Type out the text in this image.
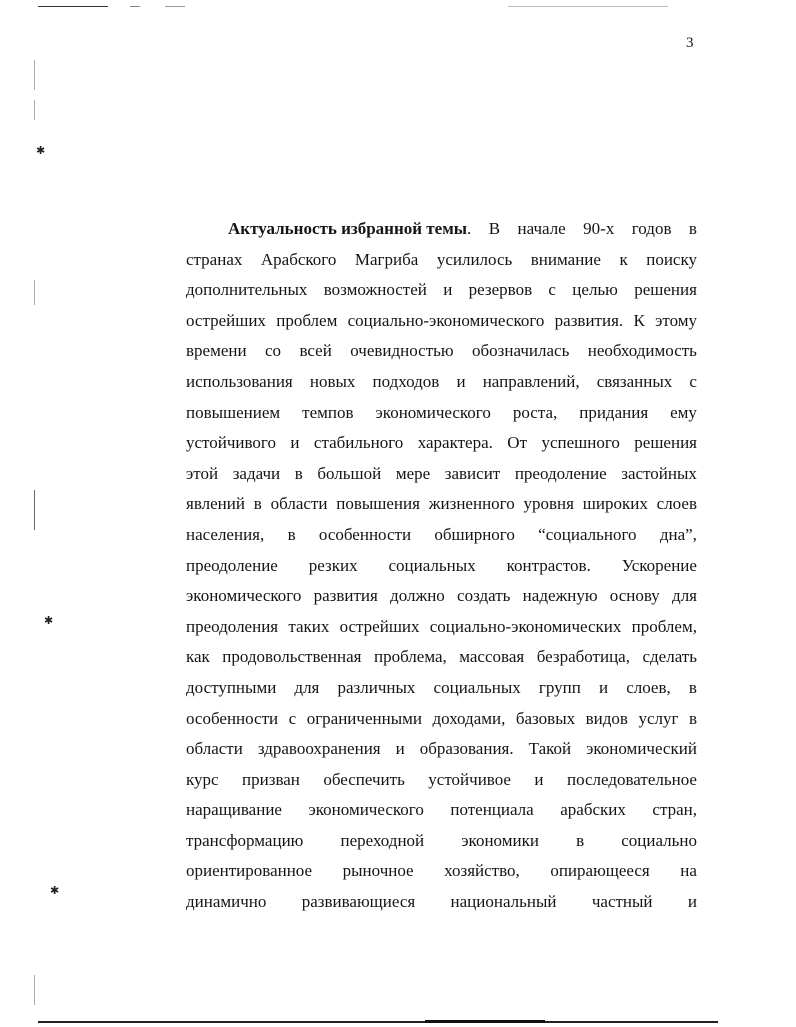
✱
✱
✱
3
Актуальность избранной темы. В начале 90-х годов в
странах Арабского Магриба усилилось внимание к поиску
дополнительных возможностей и резервов с целью решения
острейших проблем социально-экономического развития. К этому
времени со всей очевидностью обозначилась необходимость
использования новых подходов и направлений, связанных с
повышением темпов экономического роста, придания ему
устойчивого и стабильного характера. От успешного решения
этой задачи в большой мере зависит преодоление застойных
явлений в области повышения жизненного уровня широких слоев
населения, в особенности обширного “социального дна”,
преодоление резких социальных контрастов. Ускорение
экономического развития должно создать надежную основу для
преодоления таких острейших социально-экономических проблем,
как продовольственная проблема, массовая безработица, сделать
доступными для различных социальных групп и слоев, в
особенности с ограниченными доходами, базовых видов услуг в
области здравоохранения и образования. Такой экономический
курс призван обеспечить устойчивое и последовательное
наращивание экономического потенциала арабских стран,
трансформацию переходной экономики в социально
ориентированное рыночное хозяйство, опирающееся на
динамично развивающиеся национальный частный и
